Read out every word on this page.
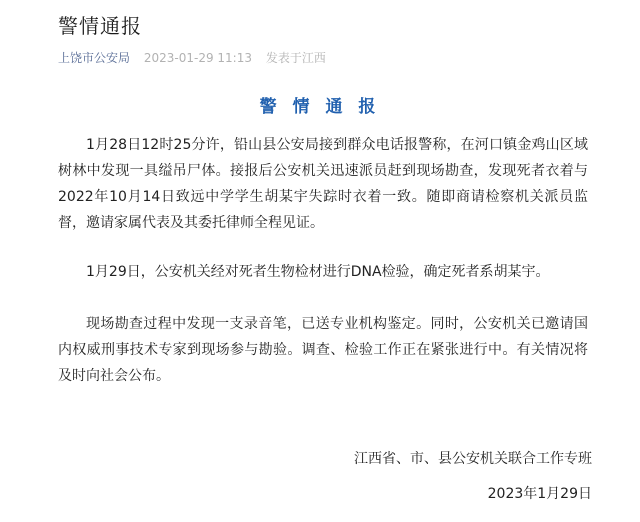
警情通报
上饶市公安局 2023-01-29 11:13 发表于江西
警 情 通 报

1月28日12时25分许，铅山县公安局接到群众电话报警称，在河口镇金鸡山区域树林中发现一具缢吊尸体。接报后公安机关迅速派员赶到现场勘查，发现死者衣着与2022年10月14日致远中学学生胡某宇失踪时衣着一致。随即商请检察机关派员监督，邀请家属代表及其委托律师全程见证。

1月29日，公安机关经对死者生物检材进行DNA检验，确定死者系胡某宇。

现场勘查过程中发现一支录音笔，已送专业机构鉴定。同时，公安机关已邀请国内权威刑事技术专家到现场参与勘验。调查、检验工作正在紧张进行中。有关情况将及时向社会公布。

江西省、市、县公安机关联合工作专班
2023年1月29日
